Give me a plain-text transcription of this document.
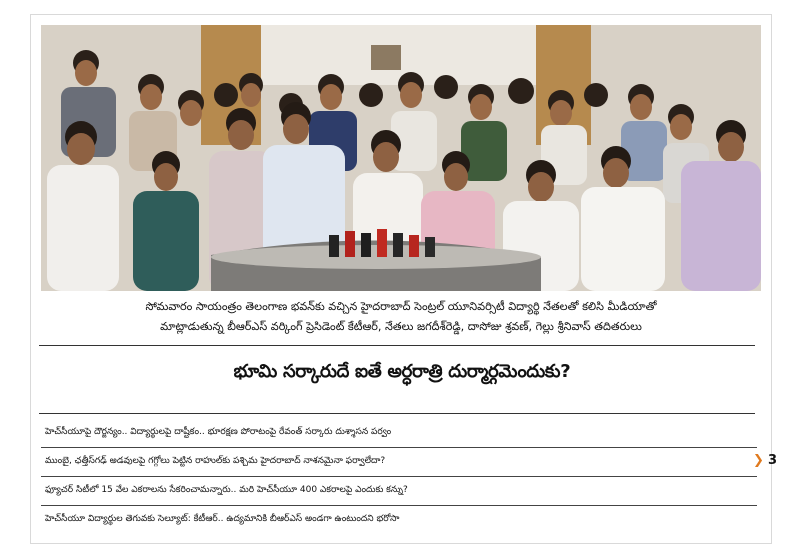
సోమవారం సాయంత్రం తెలంగాణ భవన్‌కు వచ్చిన హైదరాబాద్ సెంట్రల్ యూనివర్సిటీ విద్యార్థి నేతలతో కలిసి మీడియాతో
మాట్లాడుతున్న బీఆర్ఎస్ వర్కింగ్ ప్రెసిడెంట్ కేటీఆర్, నేతలు జగదీశ్‌రెడ్డి, దాసోజు శ్రవణ్, గెల్లు శ్రీనివాస్ తదితరులు
భూమి సర్కారుదే ఐతే అర్ధరాత్రి దుర్మార్గమెందుకు?
హెచ్‌సీయూపై దౌర్జన్యం.. విద్యార్థులపై దాష్టీకం.. భూరక్షణ పోరాటంపై రేవంత్ సర్కారు దుశ్శాసన పర్వం
ముంబై, ఛత్తీస్‌గఢ్ అడవులపై గగ్గోలు పెట్టిన రాహుల్‌కు పశ్చిమ హైదరాబాద్ నాశనమైనా ఫర్వాలేదా?	❯ 3
ఫ్యూచర్ సిటీలో 15 వేల ఎకరాలను సేకరించామన్నారు.. మరి హెచ్‌సీయూ 400 ఎకరాలపై ఎందుకు కన్ను?
హెచ్‌సీయూ విద్యార్థుల తెగువకు సెల్యూట్: కేటీఆర్.. ఉద్యమానికి బీఆర్ఎస్ అండగా ఉంటుందని భరోసా
